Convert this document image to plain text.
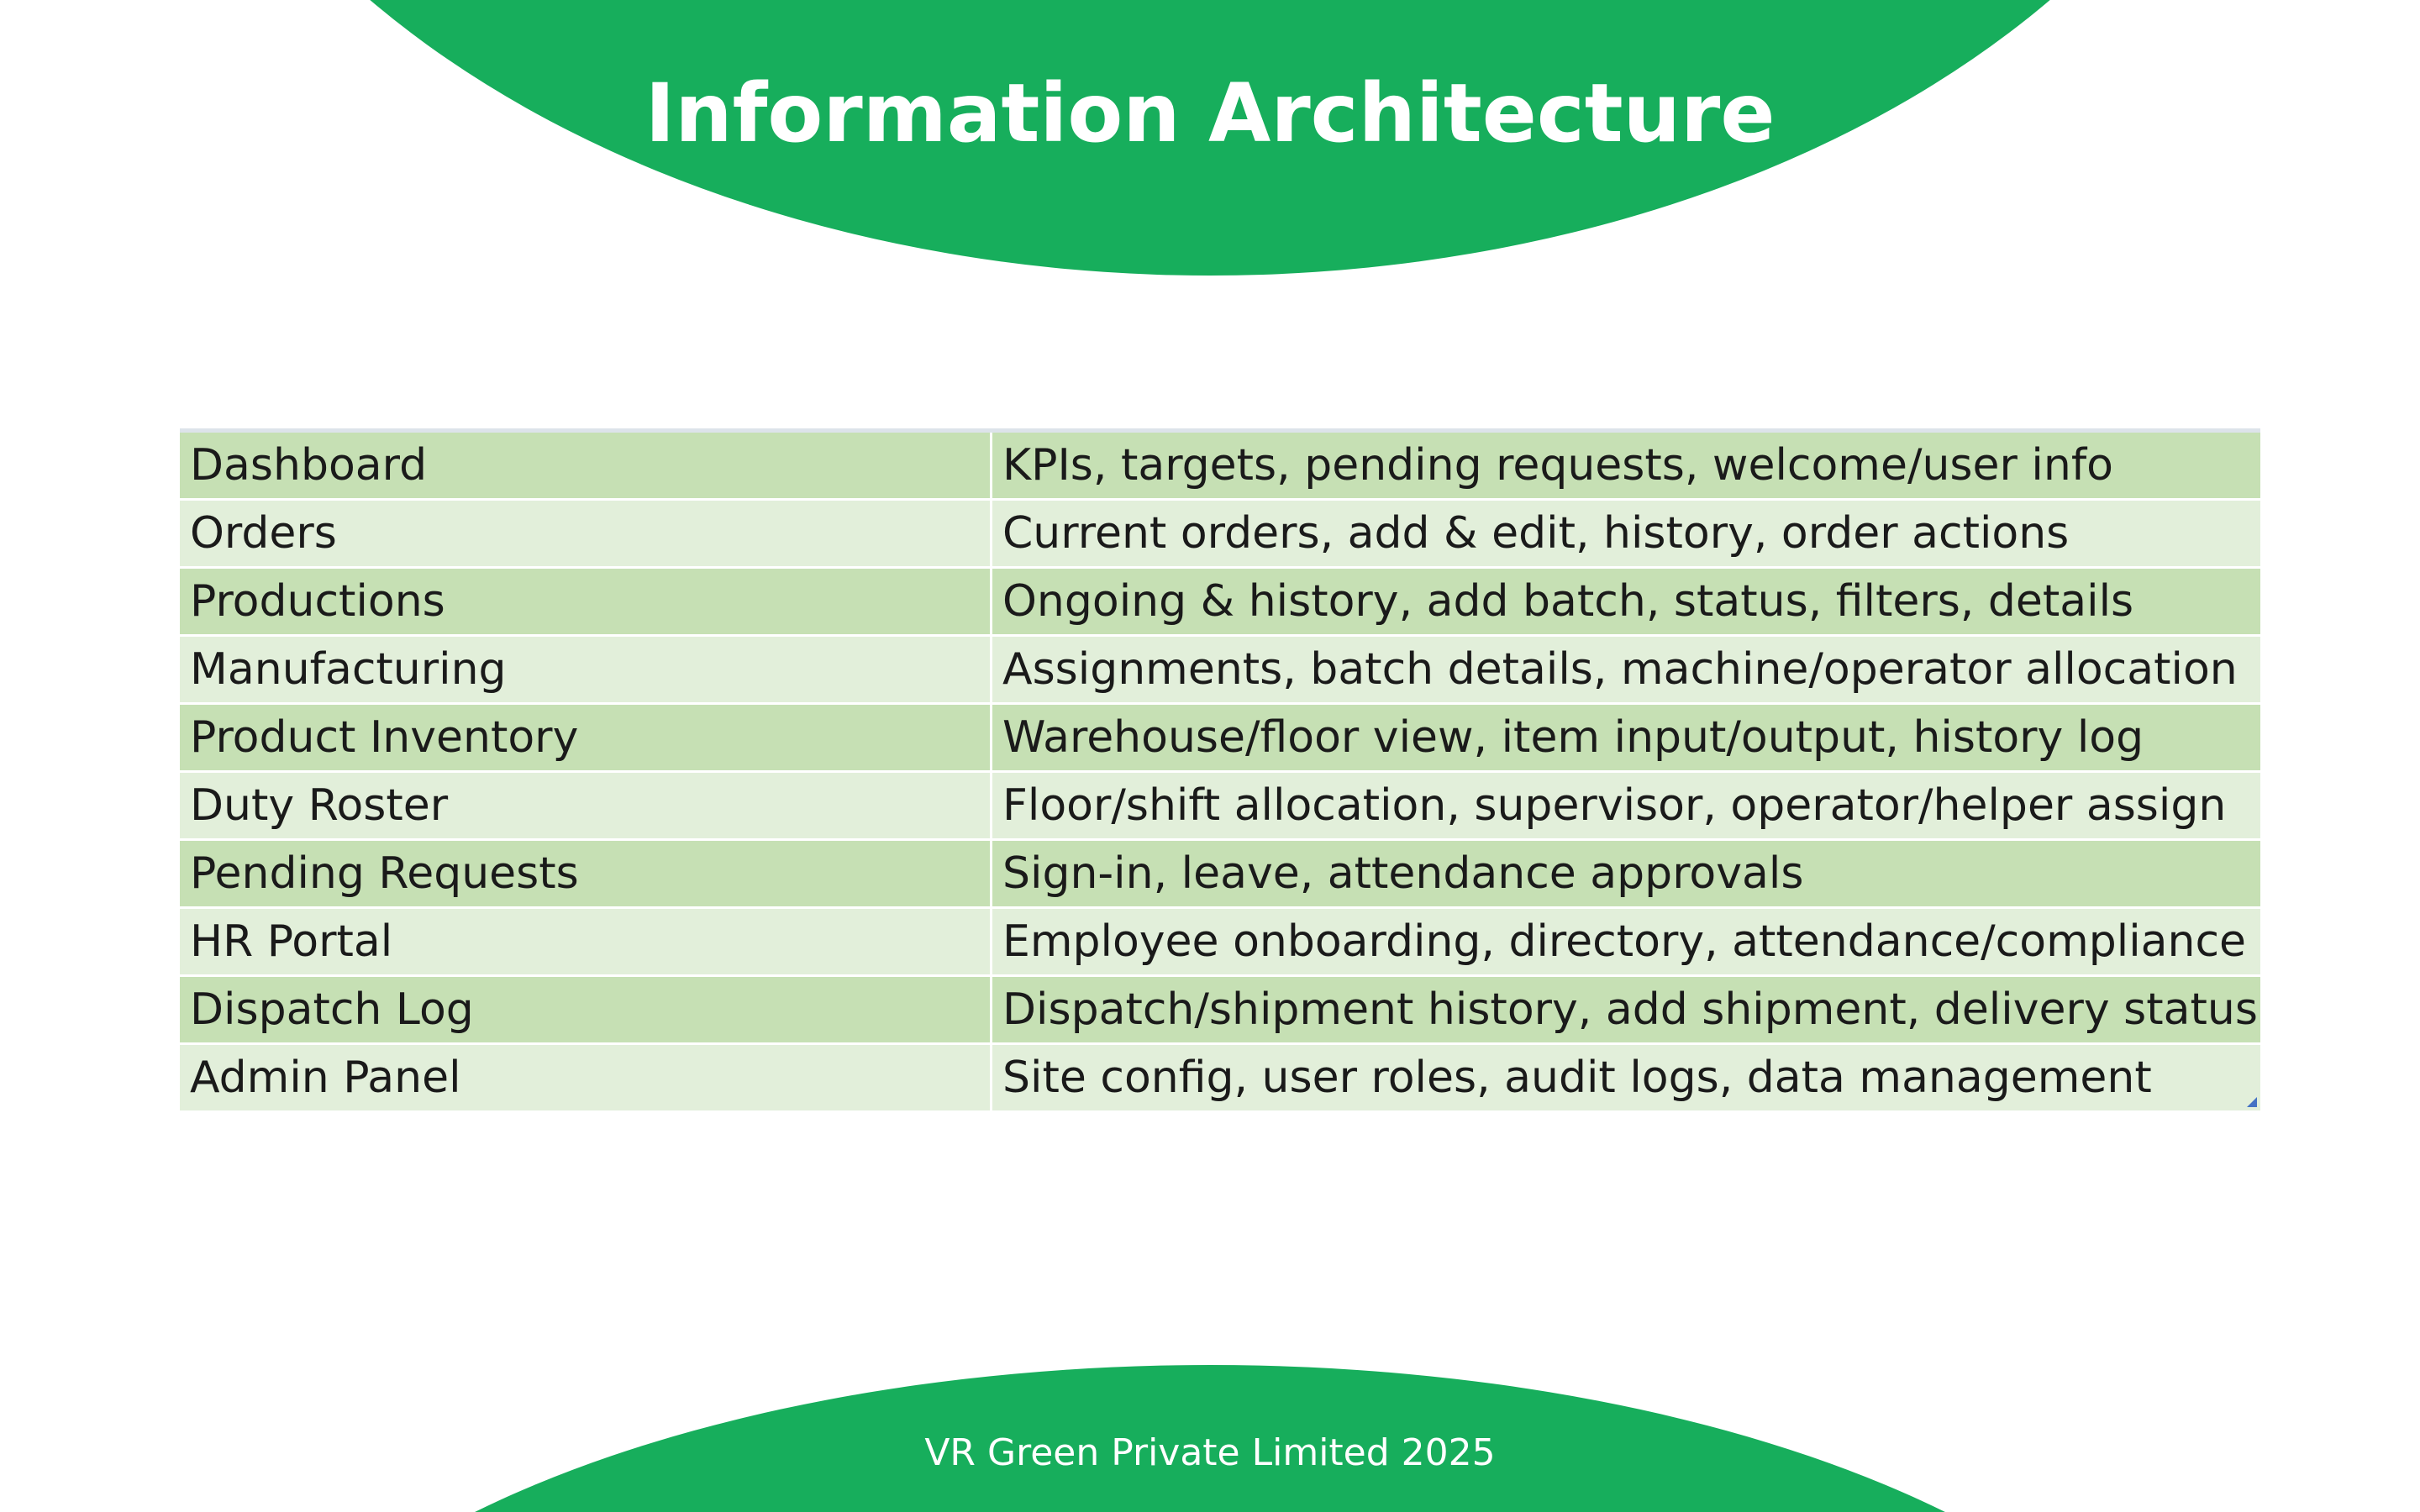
Information Architecture
Dashboard	KPIs, targets, pending requests, welcome/user info
Orders	Current orders, add & edit, history, order actions
Productions	Ongoing & history, add batch, status, filters, details
Manufacturing	Assignments, batch details, machine/operator allocation
Product Inventory	Warehouse/floor view, item input/output, history log
Duty Roster	Floor/shift allocation, supervisor, operator/helper assign
Pending Requests	Sign-in, leave, attendance approvals
HR Portal	Employee onboarding, directory, attendance/compliance
Dispatch Log	Dispatch/shipment history, add shipment, delivery status
Admin Panel	Site config, user roles, audit logs, data management
VR Green Private Limited 2025
